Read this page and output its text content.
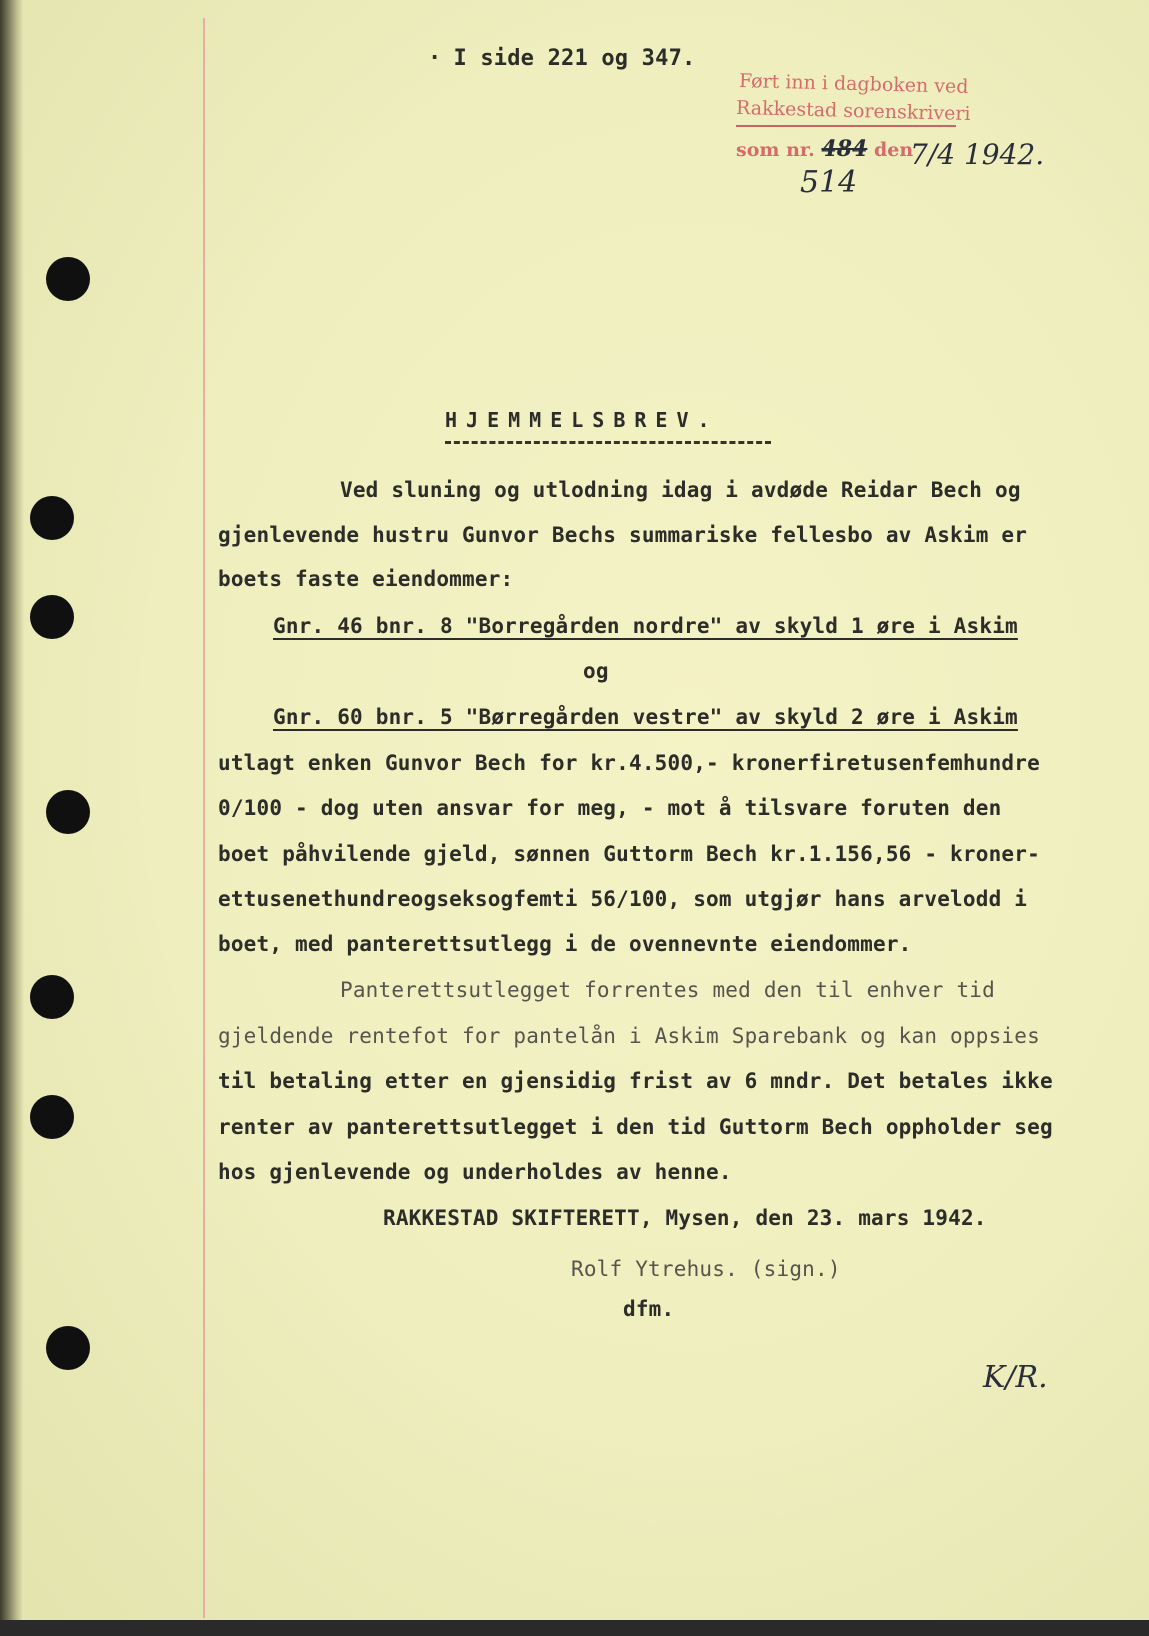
· I side 221 og 347.
Ført inn i dagboken ved
Rakkestad sorenskriveri
som nr. 484 den
7/4 1942.
514
HJEMMELSBREV.
Ved sluning og utlodning idag i avdøde Reidar Bech og
gjenlevende hustru Gunvor Bechs summariske fellesbo av Askim er
boets faste eiendommer:
Gnr. 46 bnr. 8 "Borregården nordre" av skyld 1 øre i Askim
og
Gnr. 60 bnr. 5 "Børregården vestre" av skyld 2 øre i Askim
utlagt enken Gunvor Bech for kr.4.500,- kronerfiretusenfemhundre
0/100 - dog uten ansvar for meg, - mot å tilsvare foruten den
boet påhvilende gjeld, sønnen Guttorm Bech kr.1.156,56 - kroner-
ettusenethundreogseksogfemti 56/100, som utgjør hans arvelodd i
boet, med panterettsutlegg i de ovennevnte eiendommer.
Panterettsutlegget forrentes med den til enhver tid
gjeldende rentefot for pantelån i Askim Sparebank og kan oppsies
til betaling etter en gjensidig frist av 6 mndr. Det betales ikke
renter av panterettsutlegget i den tid Guttorm Bech oppholder seg
hos gjenlevende og underholdes av henne.
RAKKESTAD SKIFTERETT, Mysen, den 23. mars 1942.
Rolf Ytrehus. (sign.)
dfm.
K/R.
